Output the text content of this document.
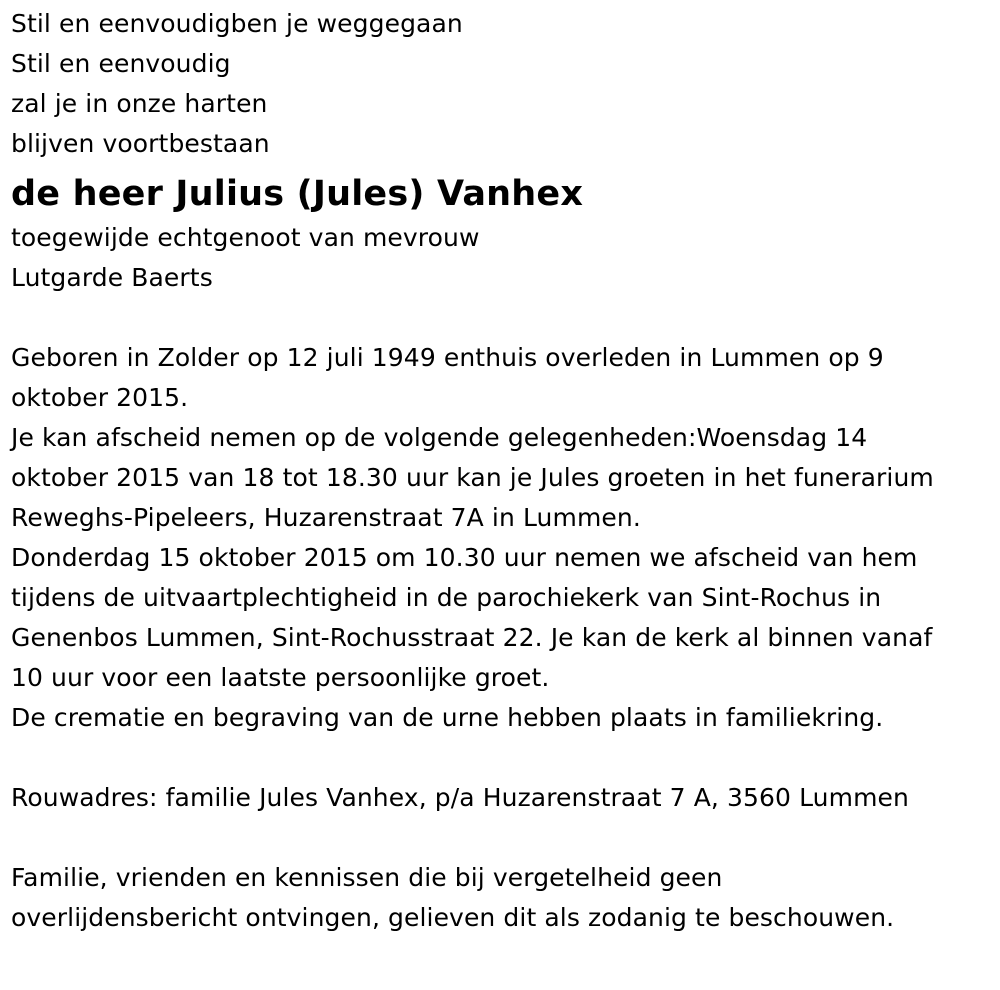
Stil en eenvoudigben je weggegaan
Stil en eenvoudig
zal je in onze harten
blijven voortbestaan
de heer Julius (Jules) Vanhex
toegewijde echtgenoot van mevrouw
Lutgarde Baerts
Geboren in Zolder op 12 juli 1949 enthuis overleden in Lummen op 9
oktober 2015.
Je kan afscheid nemen op de volgende gelegenheden:Woensdag 14
oktober 2015 van 18 tot 18.30 uur kan je Jules groeten in het funerarium
Reweghs-Pipeleers, Huzarenstraat 7A in Lummen.
Donderdag 15 oktober 2015 om 10.30 uur nemen we afscheid van hem
tijdens de uitvaartplechtigheid in de parochiekerk van Sint-Rochus in
Genenbos Lummen, Sint-Rochusstraat 22. Je kan de kerk al binnen vanaf
10 uur voor een laatste persoonlijke groet.
De crematie en begraving van de urne hebben plaats in familiekring.
Rouwadres: familie Jules Vanhex, p/a Huzarenstraat 7 A, 3560 Lummen
Familie, vrienden en kennissen die bij vergetelheid geen
overlijdensbericht ontvingen, gelieven dit als zodanig te beschouwen.
